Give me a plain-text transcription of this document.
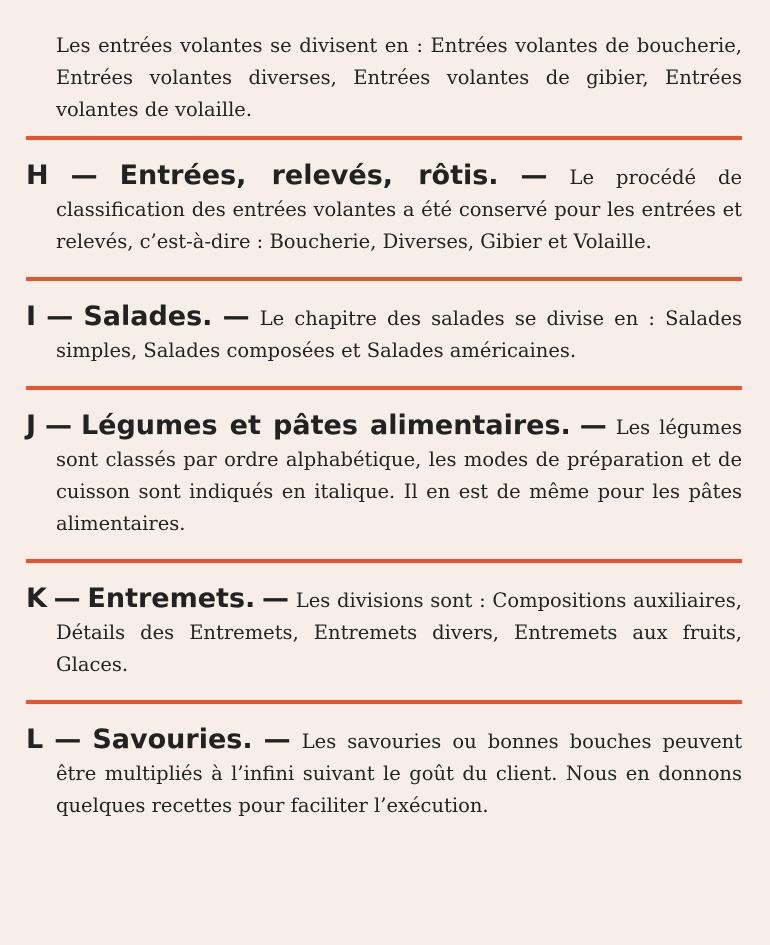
Les entrées volantes se divisent en : Entrées volantes de boucherie, Entrées volantes diverses, Entrées volantes de gibier, Entrées volantes de volaille.

H — Entrées, relevés, rôtis. — Le procédé de classification des entrées volantes a été conservé pour les entrées et relevés, c’est-à-dire : Boucherie, Diverses, Gibier et Volaille.

I — Salades. — Le chapitre des salades se divise en : Salades simples, Salades composées et Salades américaines.

J — Légumes et pâtes alimentaires. — Les légumes sont classés par ordre alphabétique, les modes de préparation et de cuisson sont indiqués en italique. Il en est de même pour les pâtes alimentaires.

K — Entremets. — Les divisions sont : Compositions auxiliaires, Détails des Entremets, Entremets divers, Entremets aux fruits, Glaces.

L — Savouries. — Les savouries ou bonnes bouches peuvent être multipliés à l’infini suivant le goût du client. Nous en donnons quelques recettes pour faciliter l’exécution.
